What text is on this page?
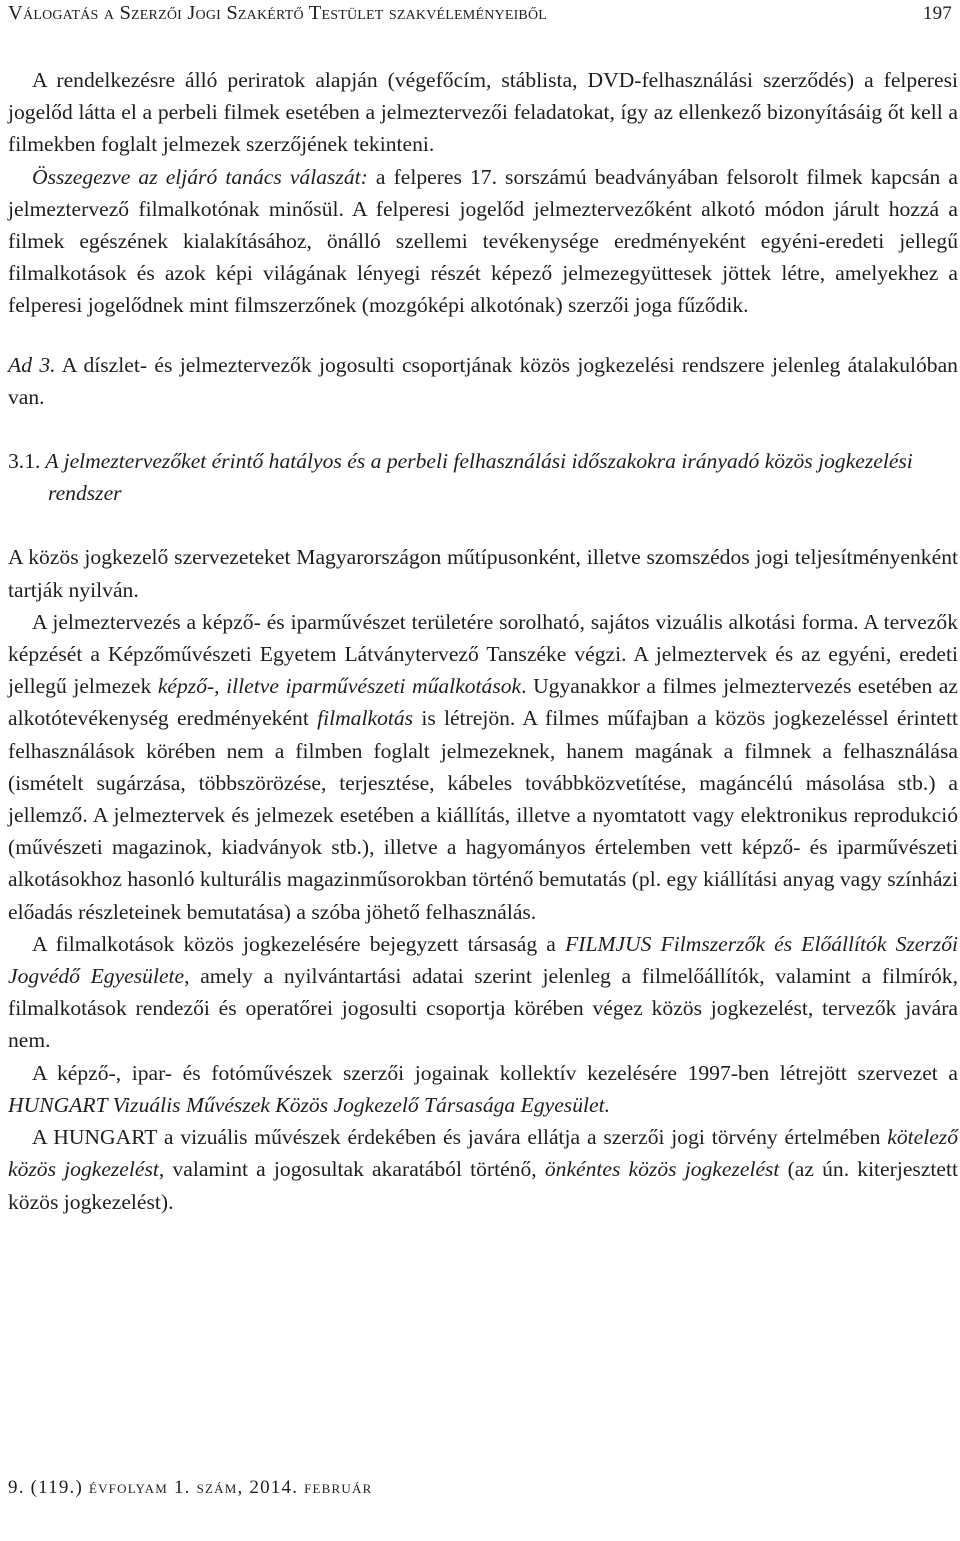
Válogatás a Szerzői Jogi Szakértő Testület szakvéleményeiből	197

A rendelkezésre álló periratok alapján (végefőcím, stáblista, DVD-felhasználási szerződés) a felperesi jogelőd látta el a perbeli filmek esetében a jelmeztervezői feladatokat, így az ellenkező bizonyításáig őt kell a filmekben foglalt jelmezek szerzőjének tekinteni.

Összegezve az eljáró tanács válaszát: a felperes 17. sorszámú beadványában felsorolt filmek kapcsán a jelmeztervező filmalkotónak minősül. A felperesi jogelőd jelmeztervezőként alkotó módon járult hozzá a filmek egészének kialakításához, önálló szellemi tevékenysége eredményeként egyéni-eredeti jellegű filmalkotások és azok képi világának lényegi részét képező jelmezegyüttesek jöttek létre, amelyekhez a felperesi jogelődnek mint filmszerzőnek (mozgóképi alkotónak) szerzői joga fűződik.

Ad 3. A díszlet- és jelmeztervezők jogosulti csoportjának közös jogkezelési rendszere jelenleg átalakulóban van.

3.1. A jelmeztervezőket érintő hatályos és a perbeli felhasználási időszakokra irányadó közös jogkezelési rendszer

A közös jogkezelő szervezeteket Magyarországon műtípusonként, illetve szomszédos jogi teljesítményenként tartják nyilván.

A jelmeztervezés a képző- és iparművészet területére sorolható, sajátos vizuális alkotási forma. A tervezők képzését a Képzőművészeti Egyetem Látványtervező Tanszéke végzi. A jelmeztervek és az egyéni, eredeti jellegű jelmezek képző-, illetve iparművészeti műalkotások. Ugyanakkor a filmes jelmeztervezés esetében az alkotótevékenység eredményeként filmalkotás is létrejön. A filmes műfajban a közös jogkezeléssel érintett felhasználások körében nem a filmben foglalt jelmezeknek, hanem magának a filmnek a felhasználása (ismételt sugárzása, többszörözése, terjesztése, kábeles továbbközvetítése, magáncélú másolása stb.) a jellemző. A jelmeztervek és jelmezek esetében a kiállítás, illetve a nyomtatott vagy elektronikus reprodukció (művészeti magazinok, kiadványok stb.), illetve a hagyományos értelemben vett képző- és iparművészeti alkotásokhoz hasonló kulturális magazinműsorokban történő bemutatás (pl. egy kiállítási anyag vagy színházi előadás részleteinek bemutatása) a szóba jöhető felhasználás.

A filmalkotások közös jogkezelésére bejegyzett társaság a FILMJUS Filmszerzők és Előállítók Szerzői Jogvédő Egyesülete, amely a nyilvántartási adatai szerint jelenleg a filmelőállítók, valamint a filmírók, filmalkotások rendezői és operatőrei jogosulti csoportja körében végez közös jogkezelést, tervezők javára nem.

A képző-, ipar- és fotóművészek szerzői jogainak kollektív kezelésére 1997-ben létrejött szervezet a HUNGART Vizuális Művészek Közös Jogkezelő Társasága Egyesület.

A HUNGART a vizuális művészek érdekében és javára ellátja a szerzői jogi törvény értelmében kötelező közös jogkezelést, valamint a jogosultak akaratából történő, önkéntes közös jogkezelést (az ún. kiterjesztett közös jogkezelést).

9. (119.) évfolyam 1. szám, 2014. február
